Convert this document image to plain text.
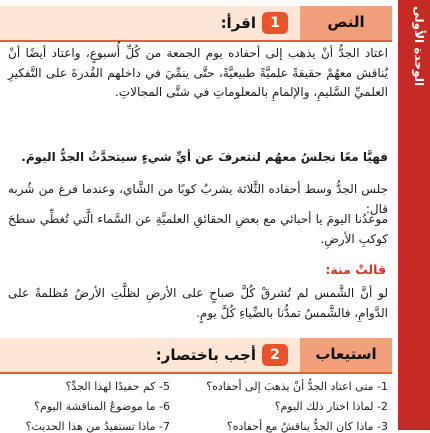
الوحدة الأولى
1
اقرأ:	النص

اعتاد الجدُّ أنْ يذهب إلى أحفاده يوم الجمعة من كُلِّ أُسبوعٍ، واعتاد أيضًا أنْ يُناقش معهُمْ حقيقةً علميَّةً طبيعيَّةً، حتَّى ينمِّيَ في داخلهم القُدرةَ على التَّفكيرِ العلميِّ السَّليمِ، والإلمامِ بالمعلوماتِ في شتَّى المجالاتِ.

فهيَّا معًا نجلسُ معهُم لنتعرفَ عن أيِّ شيءٍ سيتحدَّثُ الجدُّ اليومَ.

جلس الجدُّ وسط أحفاده الثَّلاثة يشربُ كوبًا من الشَّاي، وعندما فرغ من شُربه قال:

موعدُنا اليومَ يا أحبائي مع بعضِ الحقائقِ العلميَّةِ عن السَّماء الَّتي تُغطِّي سطحَ كوكبِ الأرضِ.

قالتْ منة:

لو أنَّ الشَّمس لم تُشرقْ كُلَّ صباحٍ على الأرضِ لظلَّتِ الأرضُ مُظلمةً على الدَّوامِ، فالشَّمسُ تمدُّنا بالضِّياءِ كُلَّ يومٍ.

2
أجب باختصار:	استيعاب
1- متى اعتاد الجدُّ أنْ يذهبَ إلى أحفاده؟
5- كم حفيدًا لهذا الجدِّ؟
2- لماذا اختار ذلك اليوم؟
6- ما موضوعُ المناقشة اليوم؟
3- ماذا كان الجدُّ يناقشُ مع أحفاده؟
7- ماذا تستفيدُ من هذا الحديث؟
